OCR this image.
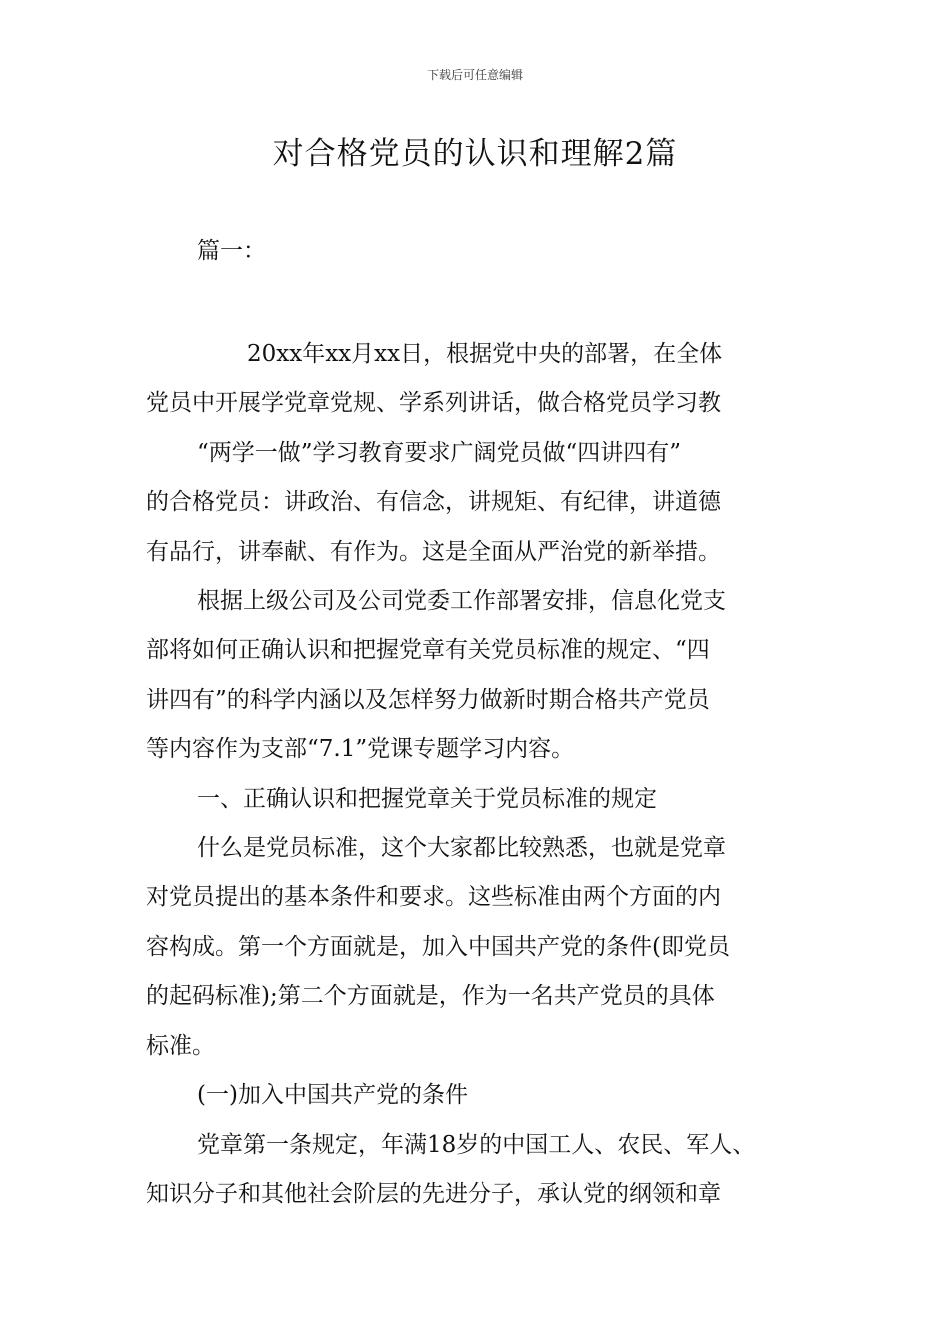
下载后可任意编辑
对合格党员的认识和理解2篇
篇一：

20xx年xx月xx日，根据党中央的部署，在全体
党员中开展学党章党规、学系列讲话，做合格党员学习教

“两学一做”学习教育要求广阔党员做“四讲四有”
的合格党员：讲政治、有信念，讲规矩、有纪律，讲道德
有品行，讲奉献、有作为。这是全面从严治党的新举措。

根据上级公司及公司党委工作部署安排，信息化党支
部将如何正确认识和把握党章有关党员标准的规定、“四
讲四有”的科学内涵以及怎样努力做新时期合格共产党员
等内容作为支部“7.1”党课专题学习内容。

一、正确认识和把握党章关于党员标准的规定

什么是党员标准，这个大家都比较熟悉，也就是党章
对党员提出的基本条件和要求。这些标准由两个方面的内
容构成。第一个方面就是，加入中国共产党的条件(即党员
的起码标准);第二个方面就是，作为一名共产党员的具体
标准。

(一)加入中国共产党的条件

党章第一条规定，年满18岁的中国工人、农民、军人、
知识分子和其他社会阶层的先进分子，承认党的纲领和章
